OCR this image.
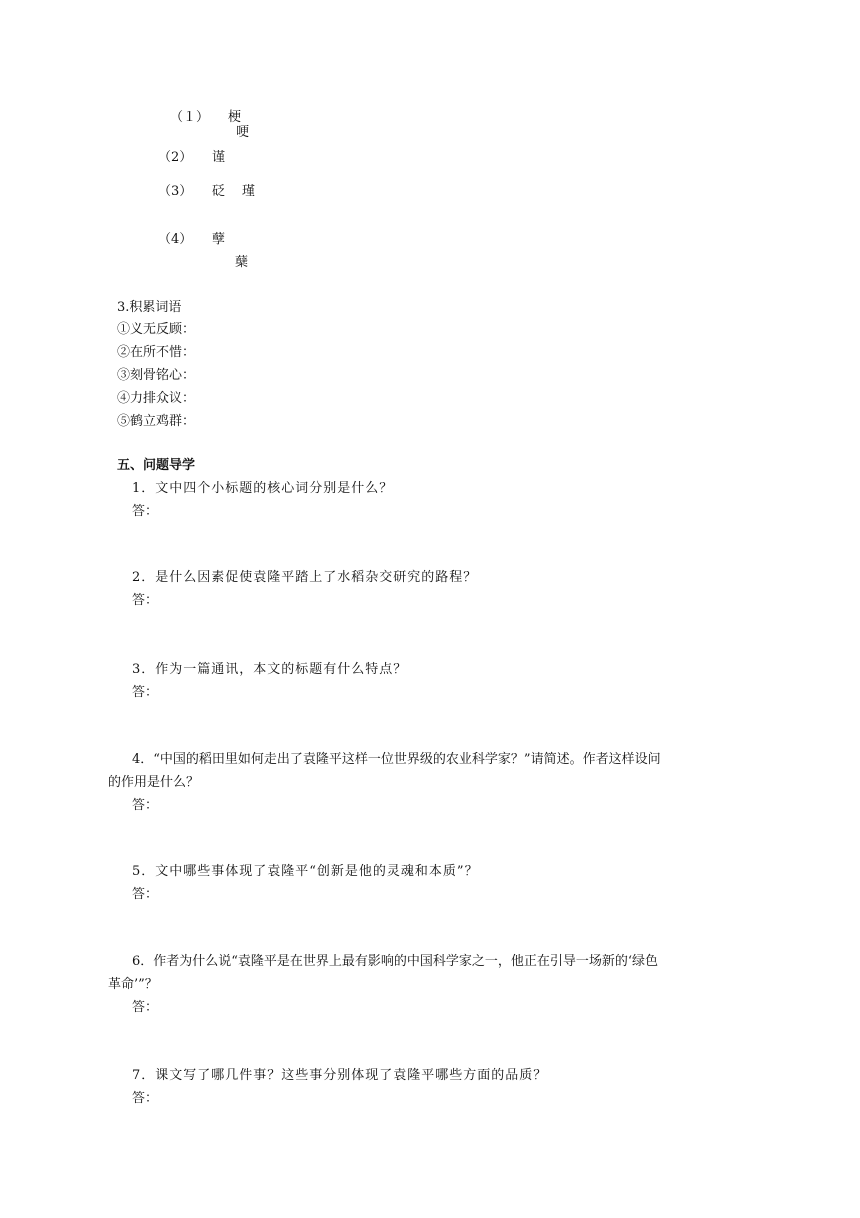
（１） 梗
哽
（2） 谨
（3） 砭 瑾
（4） 孽
蘖
3.积累词语
①义无反顾：
②在所不惜：
③刻骨铭心：
④力排众议：
⑤鹤立鸡群：
五、问题导学
1．文中四个小标题的核心词分别是什么？
答：
2．是什么因素促使袁隆平踏上了水稻杂交研究的路程？
答：
3．作为一篇通讯，本文的标题有什么特点？
答：
4．“中国的稻田里如何走出了袁隆平这样一位世界级的农业科学家？”请简述。作者这样设问
的作用是什么？
答：
5．文中哪些事体现了袁隆平“创新是他的灵魂和本质”？
答：
6．作者为什么说“袁隆平是在世界上最有影响的中国科学家之一，他正在引导一场新的‘绿色
革命’”？
答：
7．课文写了哪几件事？这些事分别体现了袁隆平哪些方面的品质？
答：
